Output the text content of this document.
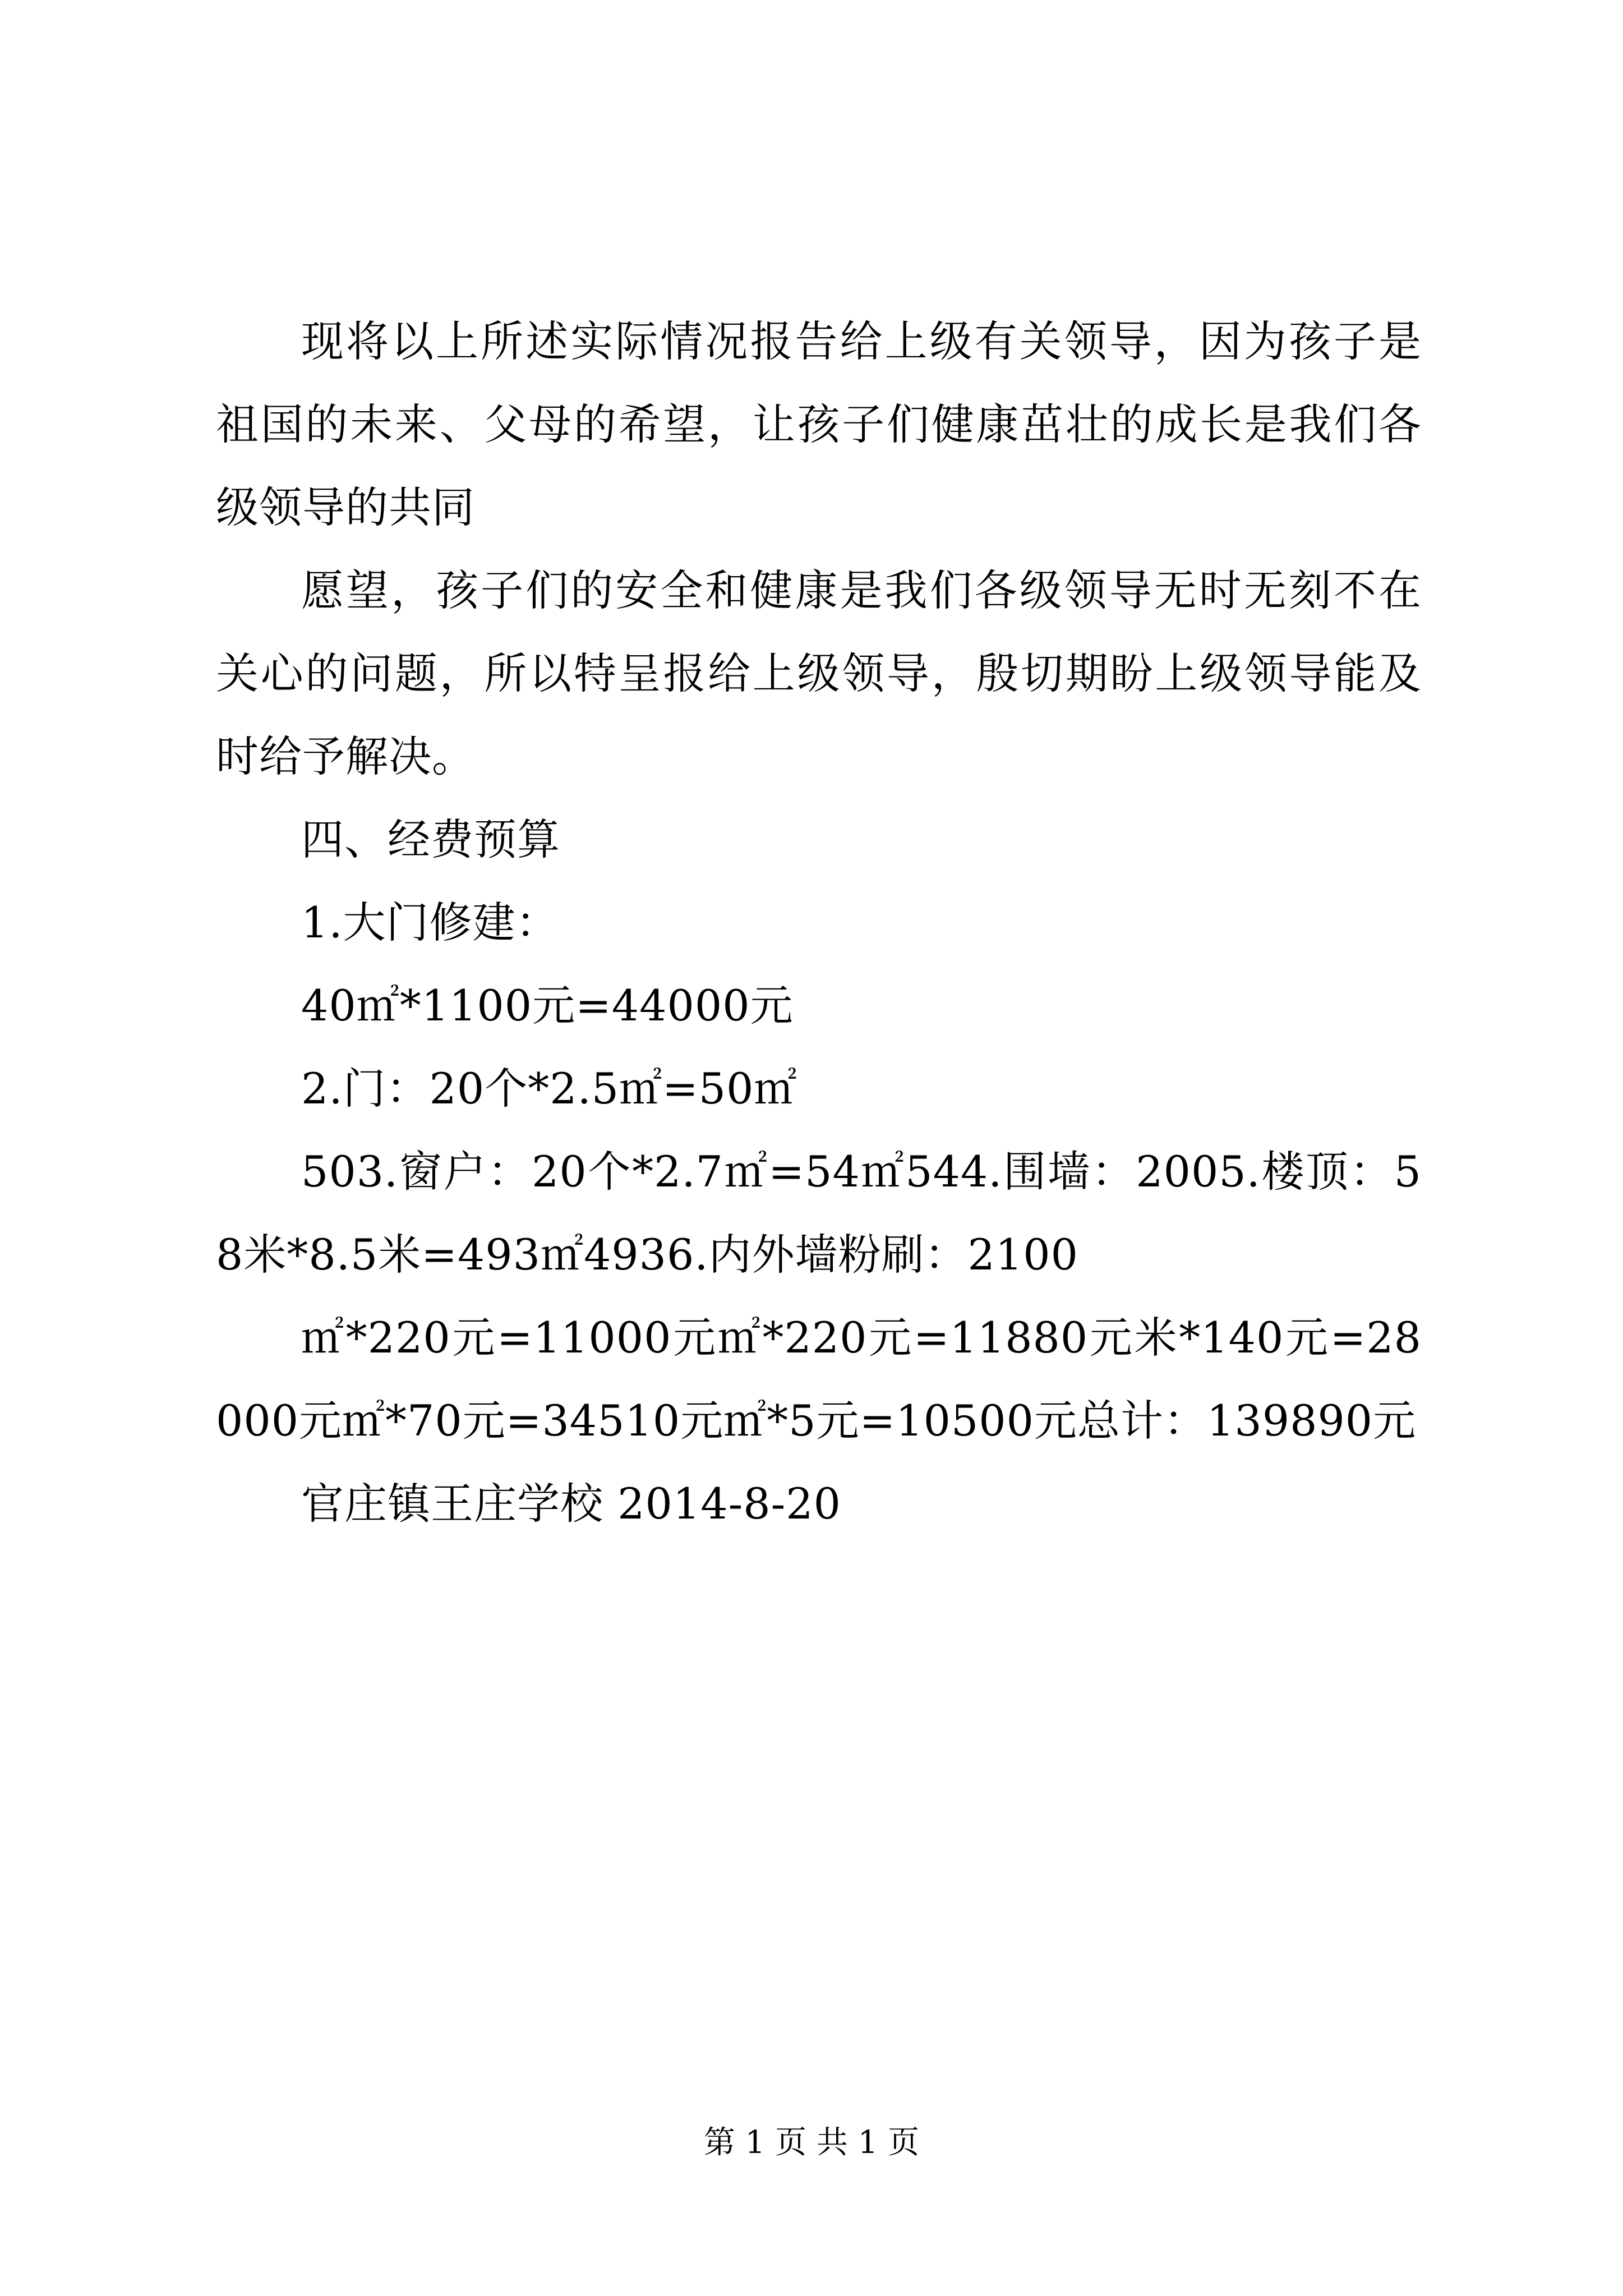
现将以上所述实际情况报告给上级有关领导，因为孩子是祖国的未来、父母的希望，让孩子们健康茁壮的成长是我们各级领导的共同

愿望，孩子们的安全和健康是我们各级领导无时无刻不在关心的问题，所以特呈报给上级领导，殷切期盼上级领导能及时给予解决。

四、经费预算

1.大门修建：

40㎡*1100元=44000元

2.门：20个*2.5㎡=50㎡

503.窗户：20个*2.7㎡=54㎡544.围墙：2005.楼顶：58米*8.5米=493㎡4936.内外墙粉刷：2100

㎡*220元=11000元㎡*220元=11880元米*140元=28000元㎡*70元=34510元㎡*5元=10500元总计：139890元

官庄镇王庄学校 2014-8-20

第 1 页 共 1 页
